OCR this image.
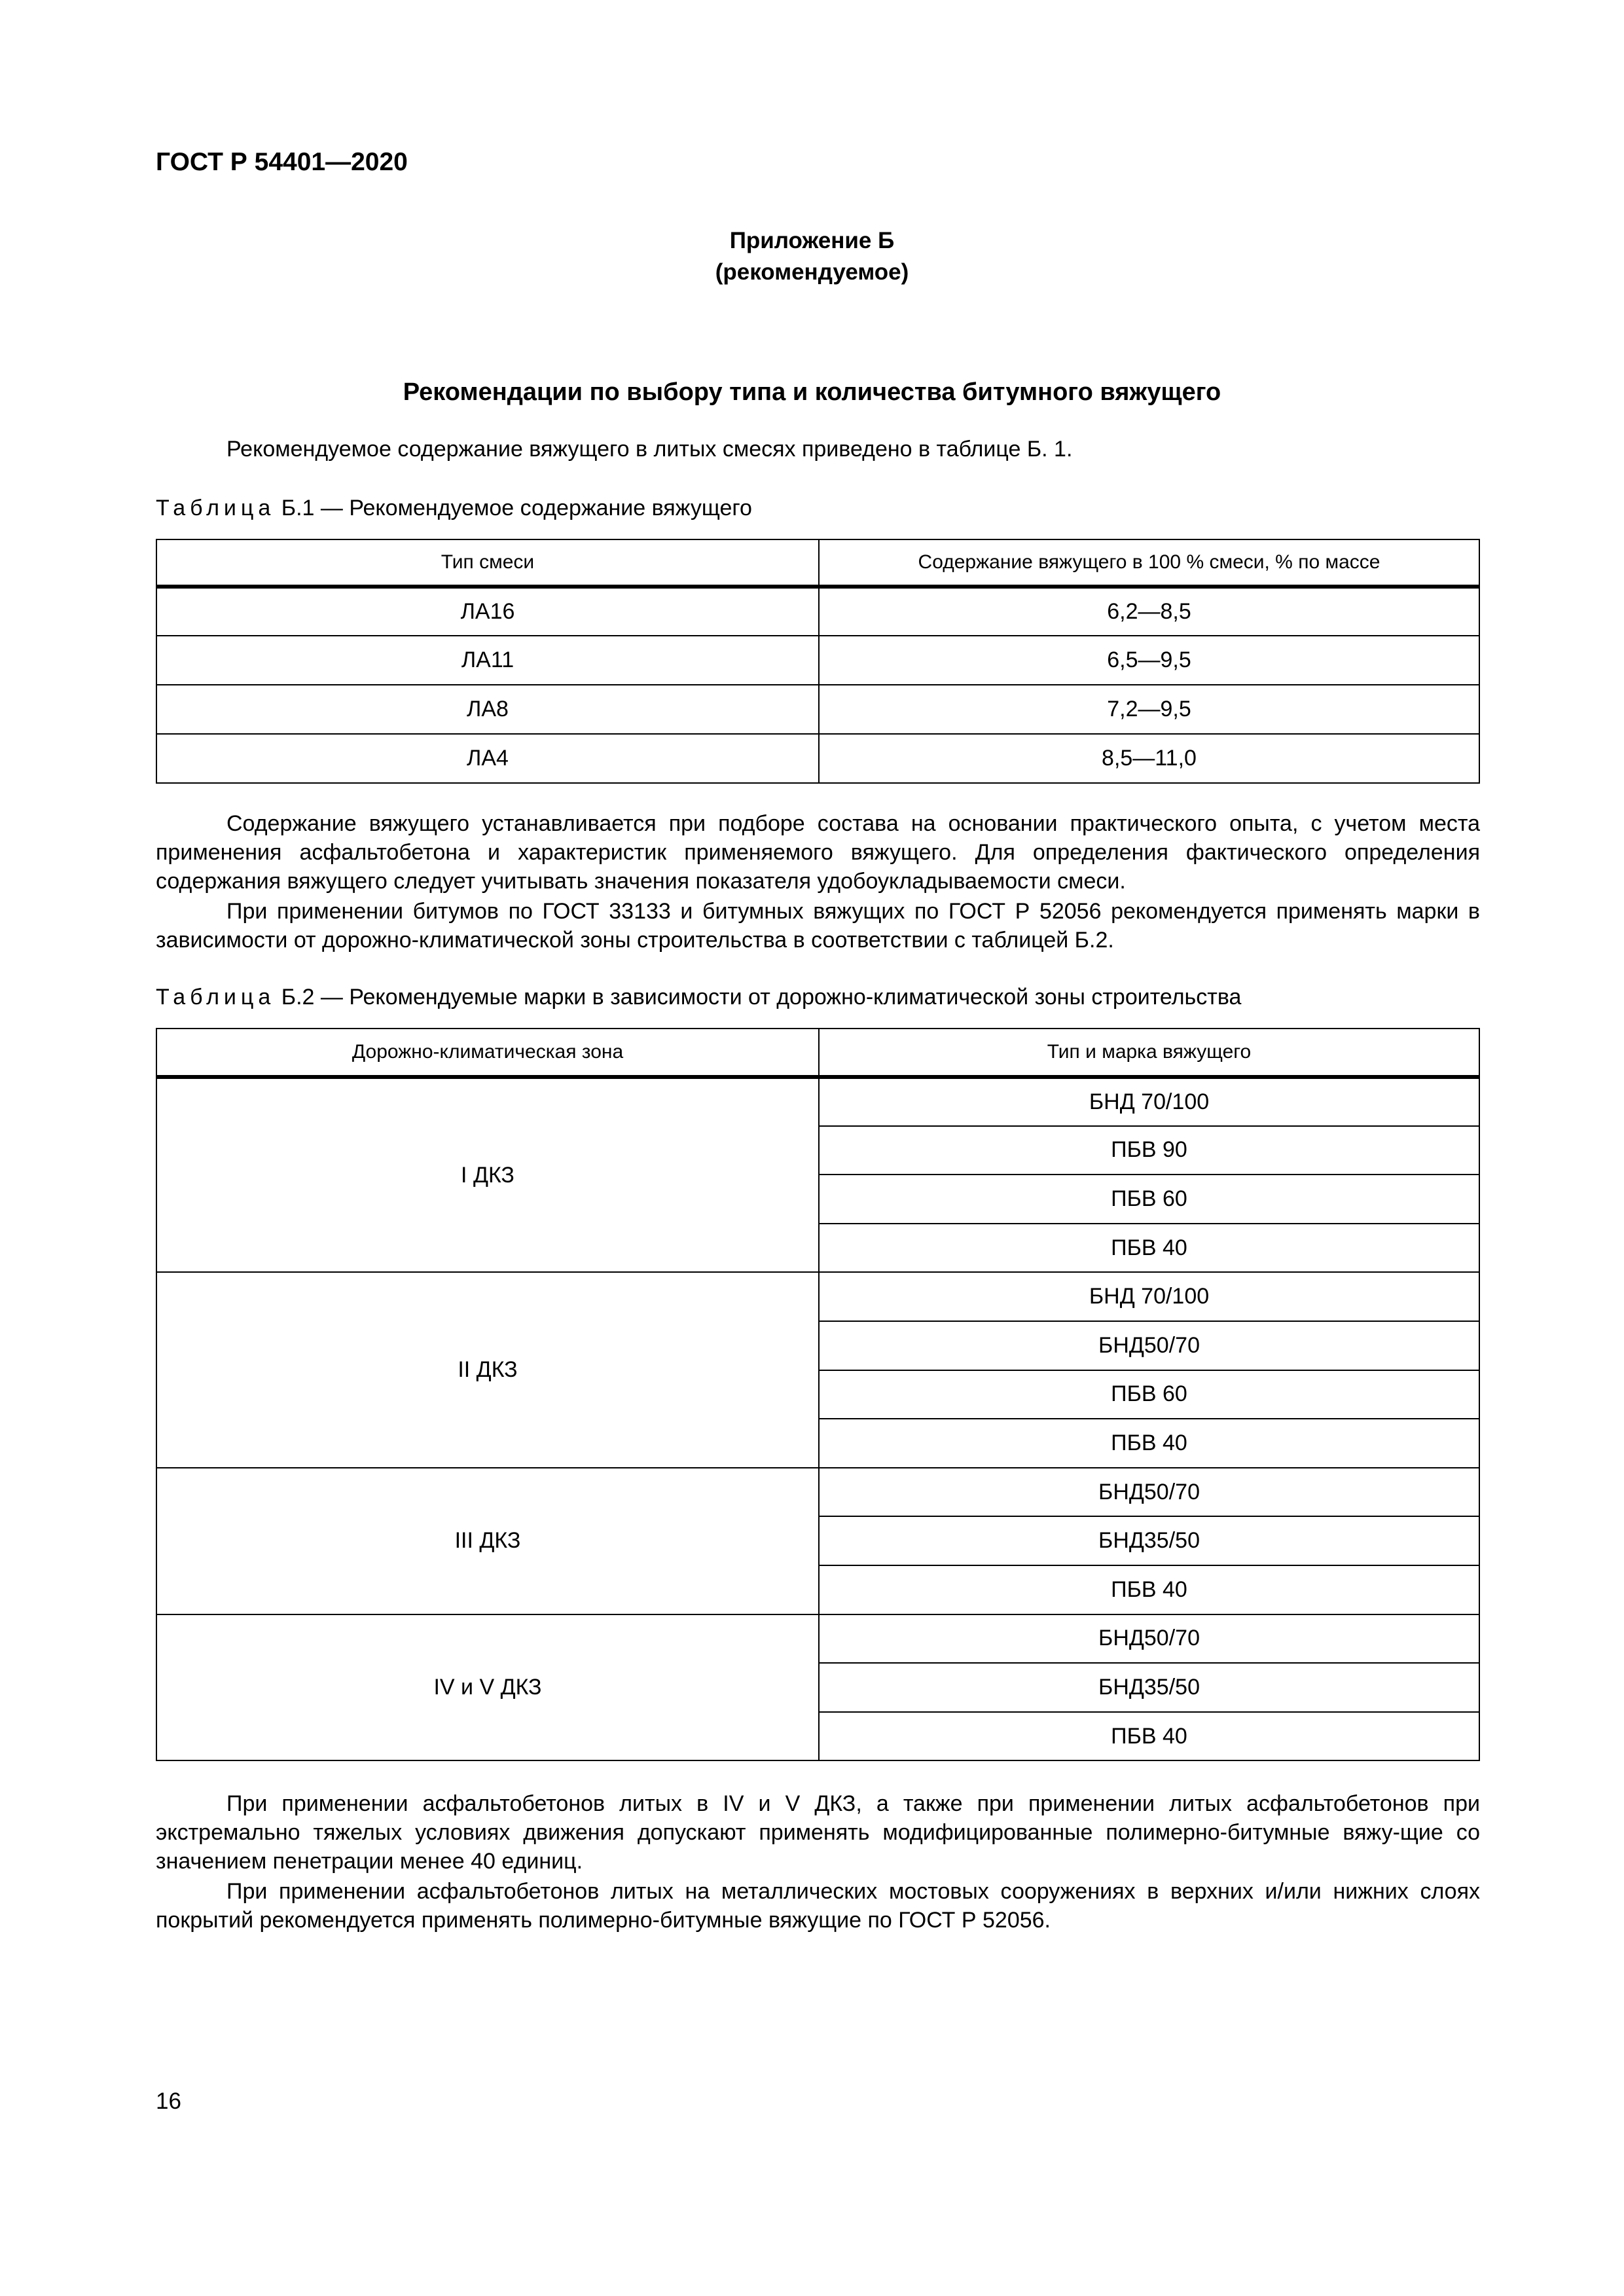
ГОСТ Р 54401—2020
Приложение Б
(рекомендуемое)
Рекомендации по выбору типа и количества битумного вяжущего
Рекомендуемое содержание вяжущего в литых смесях приведено в таблице Б. 1.
Таблица Б.1 — Рекомендуемое содержание вяжущего
Тип смеси	Содержание вяжущего в 100 % смеси, % по массе
ЛА16	6,2—8,5
ЛА11	6,5—9,5
ЛА8	7,2—9,5
ЛА4	8,5—11,0
Содержание вяжущего устанавливается при подборе состава на основании практического опыта, с учетом места применения асфальтобетона и характеристик применяемого вяжущего. Для определения фактического определения содержания вяжущего следует учитывать значения показателя удобоукладываемости смеси.
При применении битумов по ГОСТ 33133 и битумных вяжущих по ГОСТ Р 52056 рекомендуется применять марки в зависимости от дорожно-климатической зоны строительства в соответствии с таблицей Б.2.
Таблица Б.2 — Рекомендуемые марки в зависимости от дорожно-климатической зоны строительства
Дорожно-климатическая зона	Тип и марка вяжущего
I ДКЗ	БНД 70/100
	ПБВ 90
	ПБВ 60
	ПБВ 40
II ДКЗ	БНД 70/100
	БНД50/70
	ПБВ 60
	ПБВ 40
III ДКЗ	БНД50/70
	БНД35/50
	ПБВ 40
IV и V ДКЗ	БНД50/70
	БНД35/50
	ПБВ 40
При применении асфальтобетонов литых в IV и V ДКЗ, а также при применении литых асфальтобетонов при экстремально тяжелых условиях движения допускают применять модифицированные полимерно-битумные вяжу-щие со значением пенетрации менее 40 единиц.
При применении асфальтобетонов литых на металлических мостовых сооружениях в верхних и/или нижних слоях покрытий рекомендуется применять полимерно-битумные вяжущие по ГОСТ Р 52056.
16
